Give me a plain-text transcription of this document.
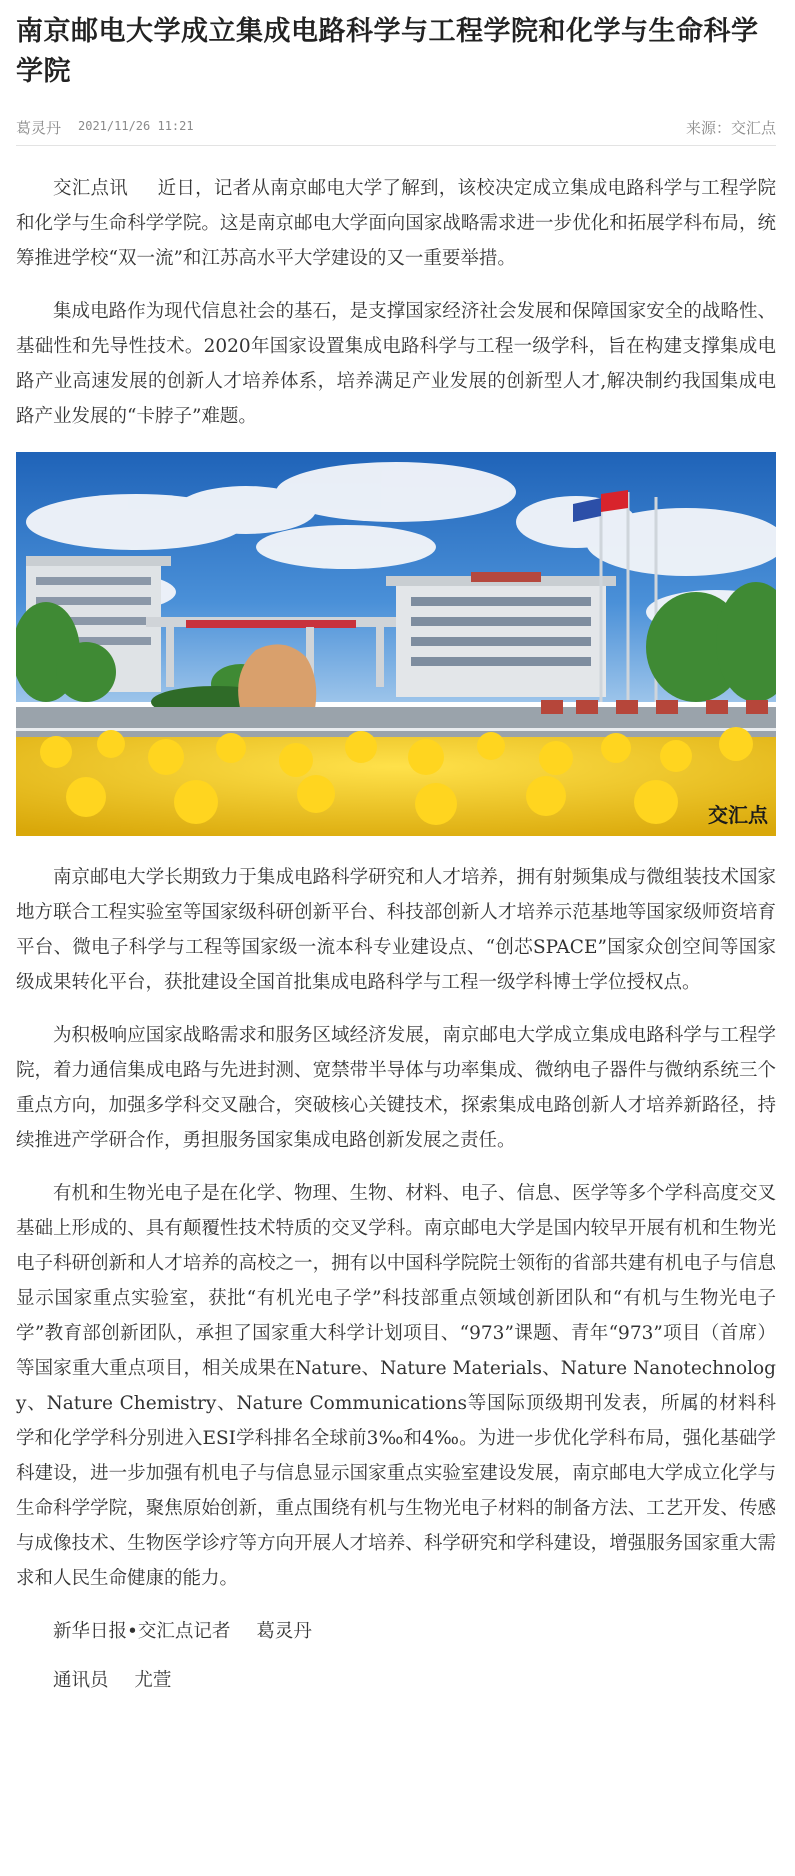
南京邮电大学成立集成电路科学与工程学院和化学与生命科学学院
葛灵丹 2021/11/26 11:21	来源：交汇点

交汇点讯 近日，记者从南京邮电大学了解到，该校决定成立集成电路科学与工程学院和化学与生命科学学院。这是南京邮电大学面向国家战略需求进一步优化和拓展学科布局，统筹推进学校“双一流”和江苏高水平大学建设的又一重要举措。

集成电路作为现代信息社会的基石，是支撑国家经济社会发展和保障国家安全的战略性、基础性和先导性技术。2020年国家设置集成电路科学与工程一级学科，旨在构建支撑集成电路产业高速发展的创新人才培养体系，培养满足产业发展的创新型人才,解决制约我国集成电路产业发展的“卡脖子”难题。

交汇点

南京邮电大学长期致力于集成电路科学研究和人才培养，拥有射频集成与微组装技术国家地方联合工程实验室等国家级科研创新平台、科技部创新人才培养示范基地等国家级师资培育平台、微电子科学与工程等国家级一流本科专业建设点、“创芯SPACE”国家众创空间等国家级成果转化平台，获批建设全国首批集成电路科学与工程一级学科博士学位授权点。

为积极响应国家战略需求和服务区域经济发展，南京邮电大学成立集成电路科学与工程学院，着力通信集成电路与先进封测、宽禁带半导体与功率集成、微纳电子器件与微纳系统三个重点方向，加强多学科交叉融合，突破核心关键技术，探索集成电路创新人才培养新路径，持续推进产学研合作，勇担服务国家集成电路创新发展之责任。

有机和生物光电子是在化学、物理、生物、材料、电子、信息、医学等多个学科高度交叉基础上形成的、具有颠覆性技术特质的交叉学科。南京邮电大学是国内较早开展有机和生物光电子科研创新和人才培养的高校之一，拥有以中国科学院院士领衔的省部共建有机电子与信息显示国家重点实验室，获批“有机光电子学”科技部重点领域创新团队和“有机与生物光电子学”教育部创新团队，承担了国家重大科学计划项目、“973”课题、青年“973”项目（首席）等国家重大重点项目，相关成果在Nature、Nature Materials、Nature Nanotechnology、Nature Chemistry、Nature Communications等国际顶级期刊发表，所属的材料科学和化学学科分别进入ESI学科排名全球前3‰和4‰。为进一步优化学科布局，强化基础学科建设，进一步加强有机电子与信息显示国家重点实验室建设发展，南京邮电大学成立化学与生命科学学院，聚焦原始创新，重点围绕有机与生物光电子材料的制备方法、工艺开发、传感与成像技术、生物医学诊疗等方向开展人才培养、科学研究和学科建设，增强服务国家重大需求和人民生命健康的能力。

新华日报•交汇点记者 葛灵丹

通讯员 尤萱
